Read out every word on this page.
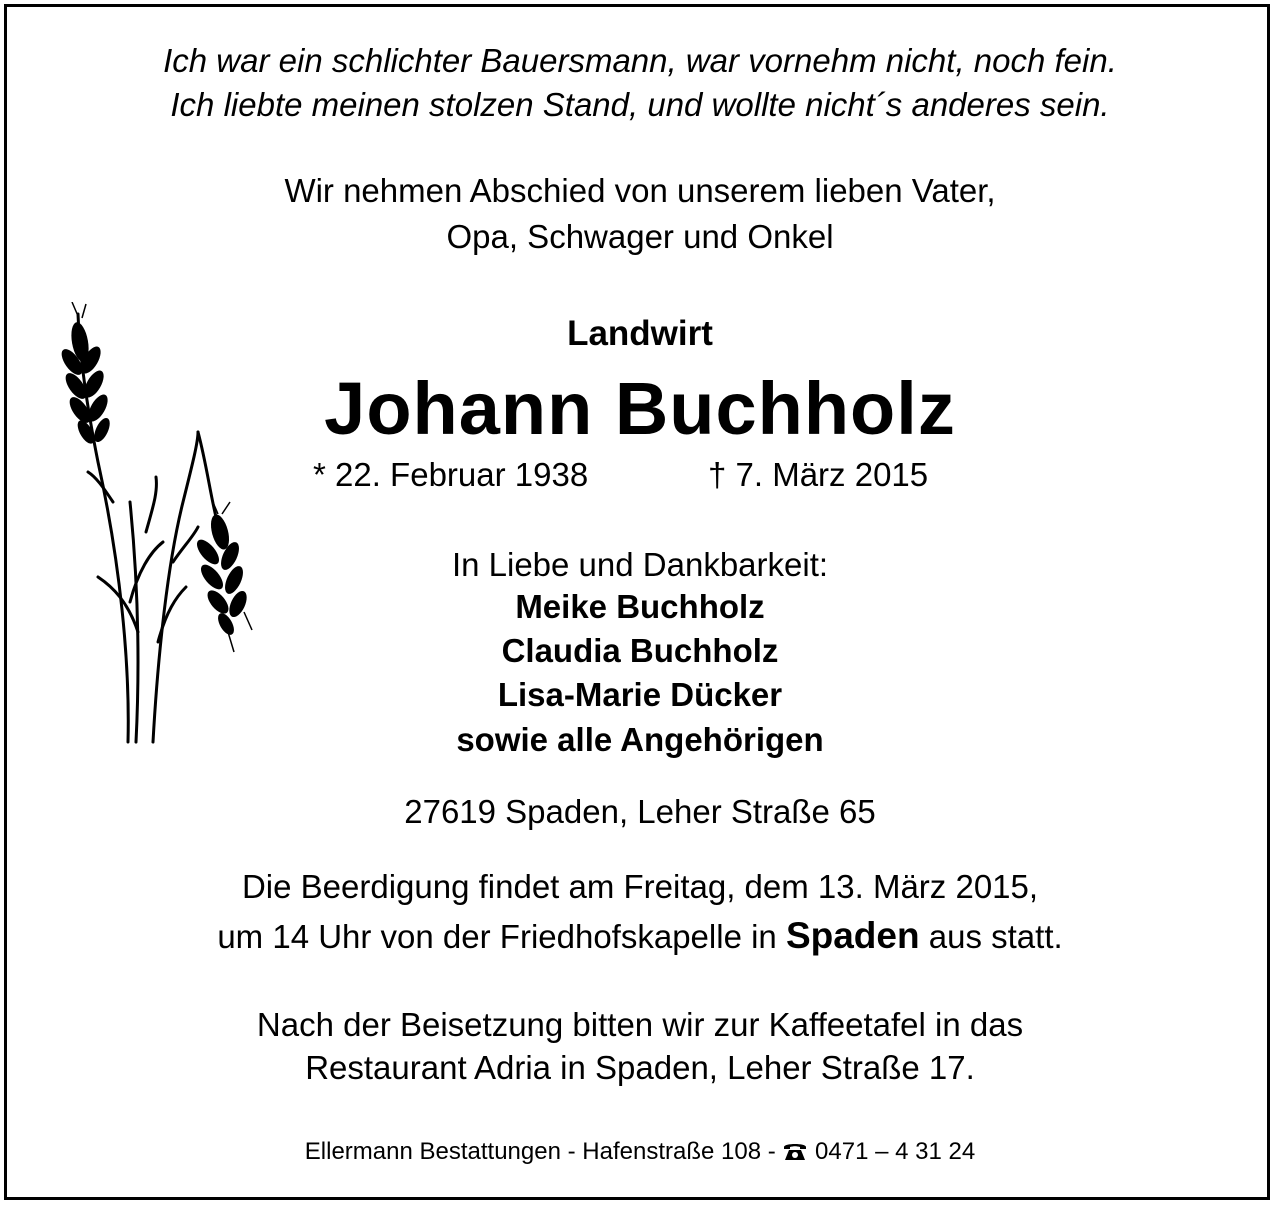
Ich war ein schlichter Bauersmann, war vornehm nicht, noch fein.
Ich liebte meinen stolzen Stand, und wollte nicht´s anderes sein.
Wir nehmen Abschied von unserem lieben Vater,
Opa, Schwager und Onkel
Landwirt
Johann Buchholz
* 22. Februar 1938	† 7. März 2015
In Liebe und Dankbarkeit:
Meike Buchholz
Claudia Buchholz
Lisa-Marie Dücker
sowie alle Angehörigen
27619 Spaden, Leher Straße 65
Die Beerdigung findet am Freitag, dem 13. März 2015,
um 14 Uhr von der Friedhofskapelle in Spaden aus statt.
Nach der Beisetzung bitten wir zur Kaffeetafel in das
Restaurant Adria in Spaden, Leher Straße 17.
Ellermann Bestattungen - Hafenstraße 108 -  0471 – 4 31 24
